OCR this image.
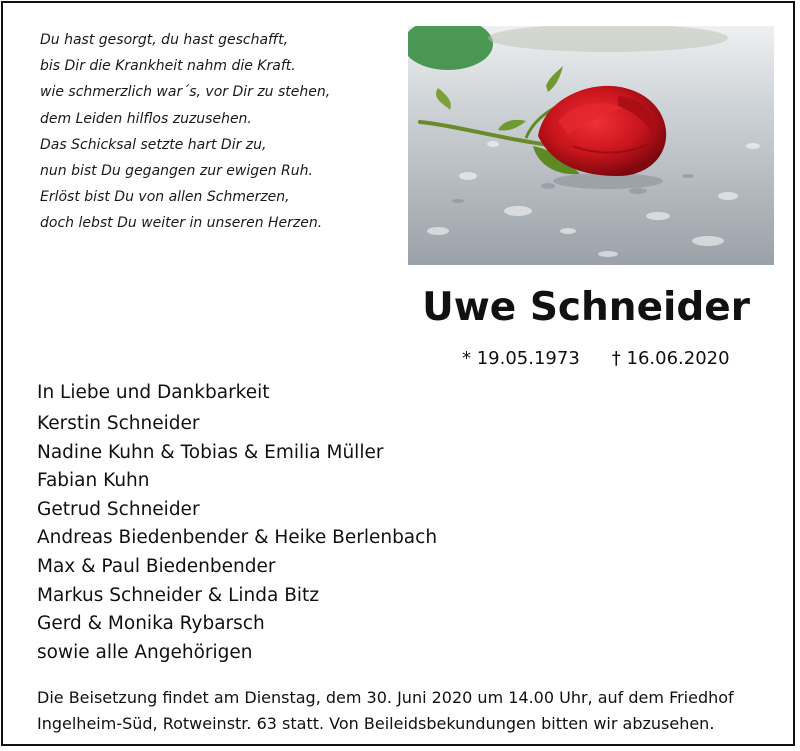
Du hast gesorgt, du hast geschafft,
bis Dir die Krankheit nahm die Kraft.
wie schmerzlich war´s, vor Dir zu stehen,
dem Leiden hilflos zuzusehen.
Das Schicksal setzte hart Dir zu,
nun bist Du gegangen zur ewigen Ruh.
Erlöst bist Du von allen Schmerzen,
doch lebst Du weiter in unseren Herzen.
Uwe Schneider
* 19.05.1973 † 16.06.2020
In Liebe und Dankbarkeit
Kerstin Schneider
Nadine Kuhn & Tobias & Emilia Müller
Fabian Kuhn
Getrud Schneider
Andreas Biedenbender & Heike Berlenbach
Max & Paul Biedenbender
Markus Schneider & Linda Bitz
Gerd & Monika Rybarsch
sowie alle Angehörigen
Die Beisetzung findet am Dienstag, dem 30. Juni 2020 um 14.00 Uhr, auf dem Friedhof
Ingelheim-Süd, Rotweinstr. 63 statt. Von Beileidsbekundungen bitten wir abzusehen.
